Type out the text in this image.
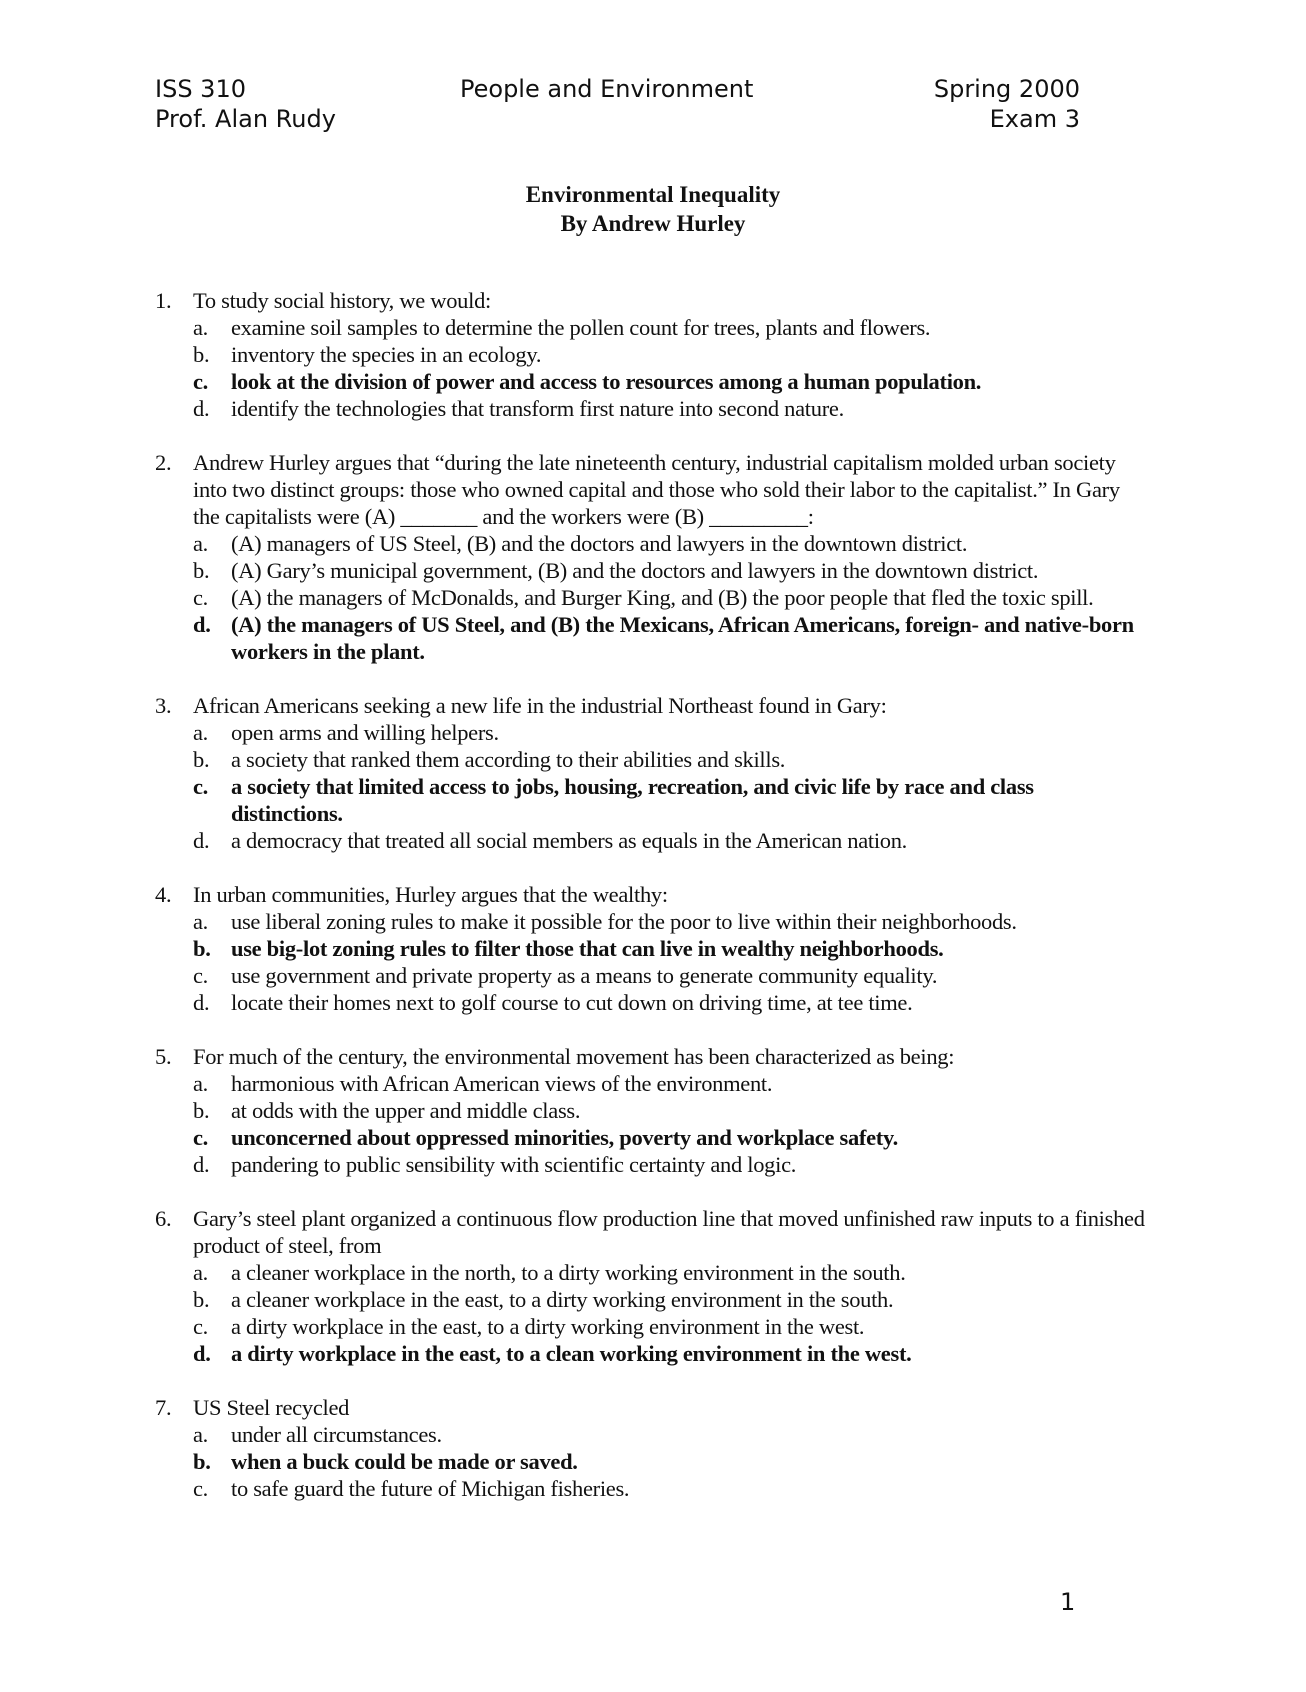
ISS 310
Prof. Alan Rudy
People and Environment	Spring 2000
Exam 3
Environmental Inequality
By Andrew Hurley
1. To study social history, we would:
a. examine soil samples to determine the pollen count for trees, plants and flowers.
b. inventory the species in an ecology.
c. look at the division of power and access to resources among a human population.
d. identify the technologies that transform first nature into second nature.
2. Andrew Hurley argues that “during the late nineteenth century, industrial capitalism molded urban society into two distinct groups: those who owned capital and those who sold their labor to the capitalist.” In Gary the capitalists were (A) _______ and the workers were (B) _________:
a. (A) managers of US Steel, (B) and the doctors and lawyers in the downtown district.
b. (A) Gary’s municipal government, (B) and the doctors and lawyers in the downtown district.
c. (A) the managers of McDonalds, and Burger King, and (B) the poor people that fled the toxic spill.
d. (A) the managers of US Steel, and (B) the Mexicans, African Americans, foreign- and native-born workers in the plant.
3. African Americans seeking a new life in the industrial Northeast found in Gary:
a. open arms and willing helpers.
b. a society that ranked them according to their abilities and skills.
c. a society that limited access to jobs, housing, recreation, and civic life by race and class distinctions.
d. a democracy that treated all social members as equals in the American nation.
4. In urban communities, Hurley argues that the wealthy:
a. use liberal zoning rules to make it possible for the poor to live within their neighborhoods.
b. use big-lot zoning rules to filter those that can live in wealthy neighborhoods.
c. use government and private property as a means to generate community equality.
d. locate their homes next to golf course to cut down on driving time, at tee time.
5. For much of the century, the environmental movement has been characterized as being:
a. harmonious with African American views of the environment.
b. at odds with the upper and middle class.
c. unconcerned about oppressed minorities, poverty and workplace safety.
d. pandering to public sensibility with scientific certainty and logic.
6. Gary’s steel plant organized a continuous flow production line that moved unfinished raw inputs to a finished product of steel, from
a. a cleaner workplace in the north, to a dirty working environment in the south.
b. a cleaner workplace in the east, to a dirty working environment in the south.
c. a dirty workplace in the east, to a dirty working environment in the west.
d. a dirty workplace in the east, to a clean working environment in the west.
7. US Steel recycled
a. under all circumstances.
b. when a buck could be made or saved.
c. to safe guard the future of Michigan fisheries.
1
